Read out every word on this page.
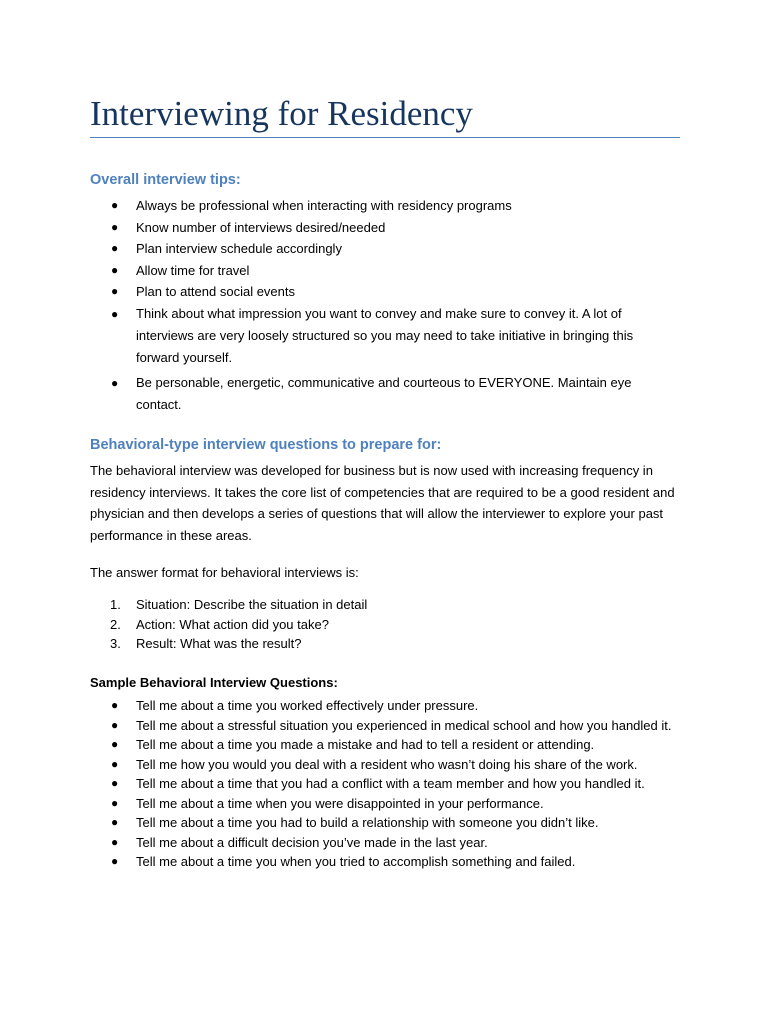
Interviewing for Residency
Overall interview tips:
● Always be professional when interacting with residency programs
● Know number of interviews desired/needed
● Plan interview schedule accordingly
● Allow time for travel
● Plan to attend social events
● Think about what impression you want to convey and make sure to convey it. A lot of interviews are very loosely structured so you may need to take initiative in bringing this forward yourself.
● Be personable, energetic, communicative and courteous to EVERYONE. Maintain eye contact.
Behavioral-type interview questions to prepare for:

The behavioral interview was developed for business but is now used with increasing frequency in residency interviews. It takes the core list of competencies that are required to be a good resident and physician and then develops a series of questions that will allow the interviewer to explore your past performance in these areas.

The answer format for behavioral interviews is:

1. Situation: Describe the situation in detail
2. Action: What action did you take?
3. Result: What was the result?

Sample Behavioral Interview Questions:

● Tell me about a time you worked effectively under pressure.
● Tell me about a stressful situation you experienced in medical school and how you handled it.
● Tell me about a time you made a mistake and had to tell a resident or attending.
● Tell me how you would you deal with a resident who wasn’t doing his share of the work.
● Tell me about a time that you had a conflict with a team member and how you handled it.
● Tell me about a time when you were disappointed in your performance.
● Tell me about a time you had to build a relationship with someone you didn’t like.
● Tell me about a difficult decision you’ve made in the last year.
● Tell me about a time you when you tried to accomplish something and failed.
